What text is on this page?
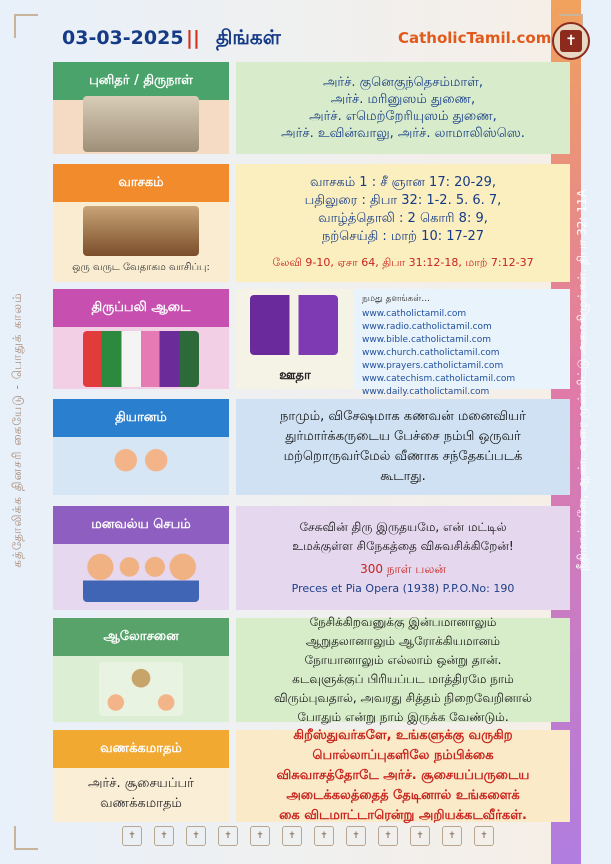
03-03-2025 || திங்கள்	CatholicTamil.com ✝
கத்தோலிக்க தினசரி கையேடு - பொதுக் காலம்	நீதிமான்களே, ஆண்டவரை முன்னிட்டு அகமகிழுங்கள். திபா 32: 11A
புனிதர் / திருநாள்	அர்ச். குனெகுந்தெசம்மாள்,
அர்ச். மரினுஸம் துணை,
அர்ச். எமெற்றேரியுஸம் துணை,
அர்ச். உவின்வாலு, அர்ச். லாமாலிஸ்ஸெ.
வாசகம்
ஒரு வருட வேதாகம வாசிப்பு:
வாசகம் 1 : சீ ஞான 17: 20-29,
பதிலுரை : திபா 32: 1-2. 5. 6. 7,
வாழ்த்தொலி : 2 கொரி 8: 9,
நற்செய்தி : மாற் 10: 17-27
லேவி 9-10, ஏசா 64, திபா 31:12-18, மாற் 7:12-37
திருப்பலி ஆடை
ஊதா
நமது தளங்கள்...
www.catholictamil.com
www.radio.catholictamil.com
www.bible.catholictamil.com
www.church.catholictamil.com
www.prayers.catholictamil.com
www.catechism.catholictamil.com
www.daily.catholictamil.com
தியானம்	நாமும், விசேஷமாக கணவன் மனைவியர்
துர்மார்க்கருடைய பேச்சை நம்பி ஒருவர்
மற்றொருவர்மேல் வீணாக சந்தேகப்படக்
கூடாது.
மனவல்ய செபம்	சேசுவின் திரு இருதயமே, என் மட்டில்
உமக்குள்ள சிநேகத்தை விசுவசிக்கிறேன்!
300 நாள் பலன்
Preces et Pia Opera (1938) P.P.O.No: 190
ஆலோசனை
நேசிக்கிறவனுக்கு இன்பமானாலும்
ஆறுதலானாலும் ஆரோக்கியமானம்
நோயானாலும் எல்லாம் ஒன்று தான்.
கடவுளுக்குப் பிரியப்பட மாத்திரமே நாம்
விரும்புவதால், அவரது சித்தம் நிறைவேறினால்
போதும் என்று நாம் இருக்க வேண்டும்.
வணக்கமாதம்
அர்ச். சூசையப்பர்
வணக்கமாதம்
கிறீஸ்துவர்களே, உங்களுக்கு வருகிற
பொல்லாப்புகளிலே நம்பிக்கை
விசுவாசத்தோடே அர்ச். சூசையப்பருடைய
அடைக்கலத்தைத் தேடினால் உங்களைக்
கை விடமாட்டாரென்று அறியக்கடவீர்கள்.
✝	✝	✝	✝	✝	✝	✝	✝	✝	✝	✝	✝
